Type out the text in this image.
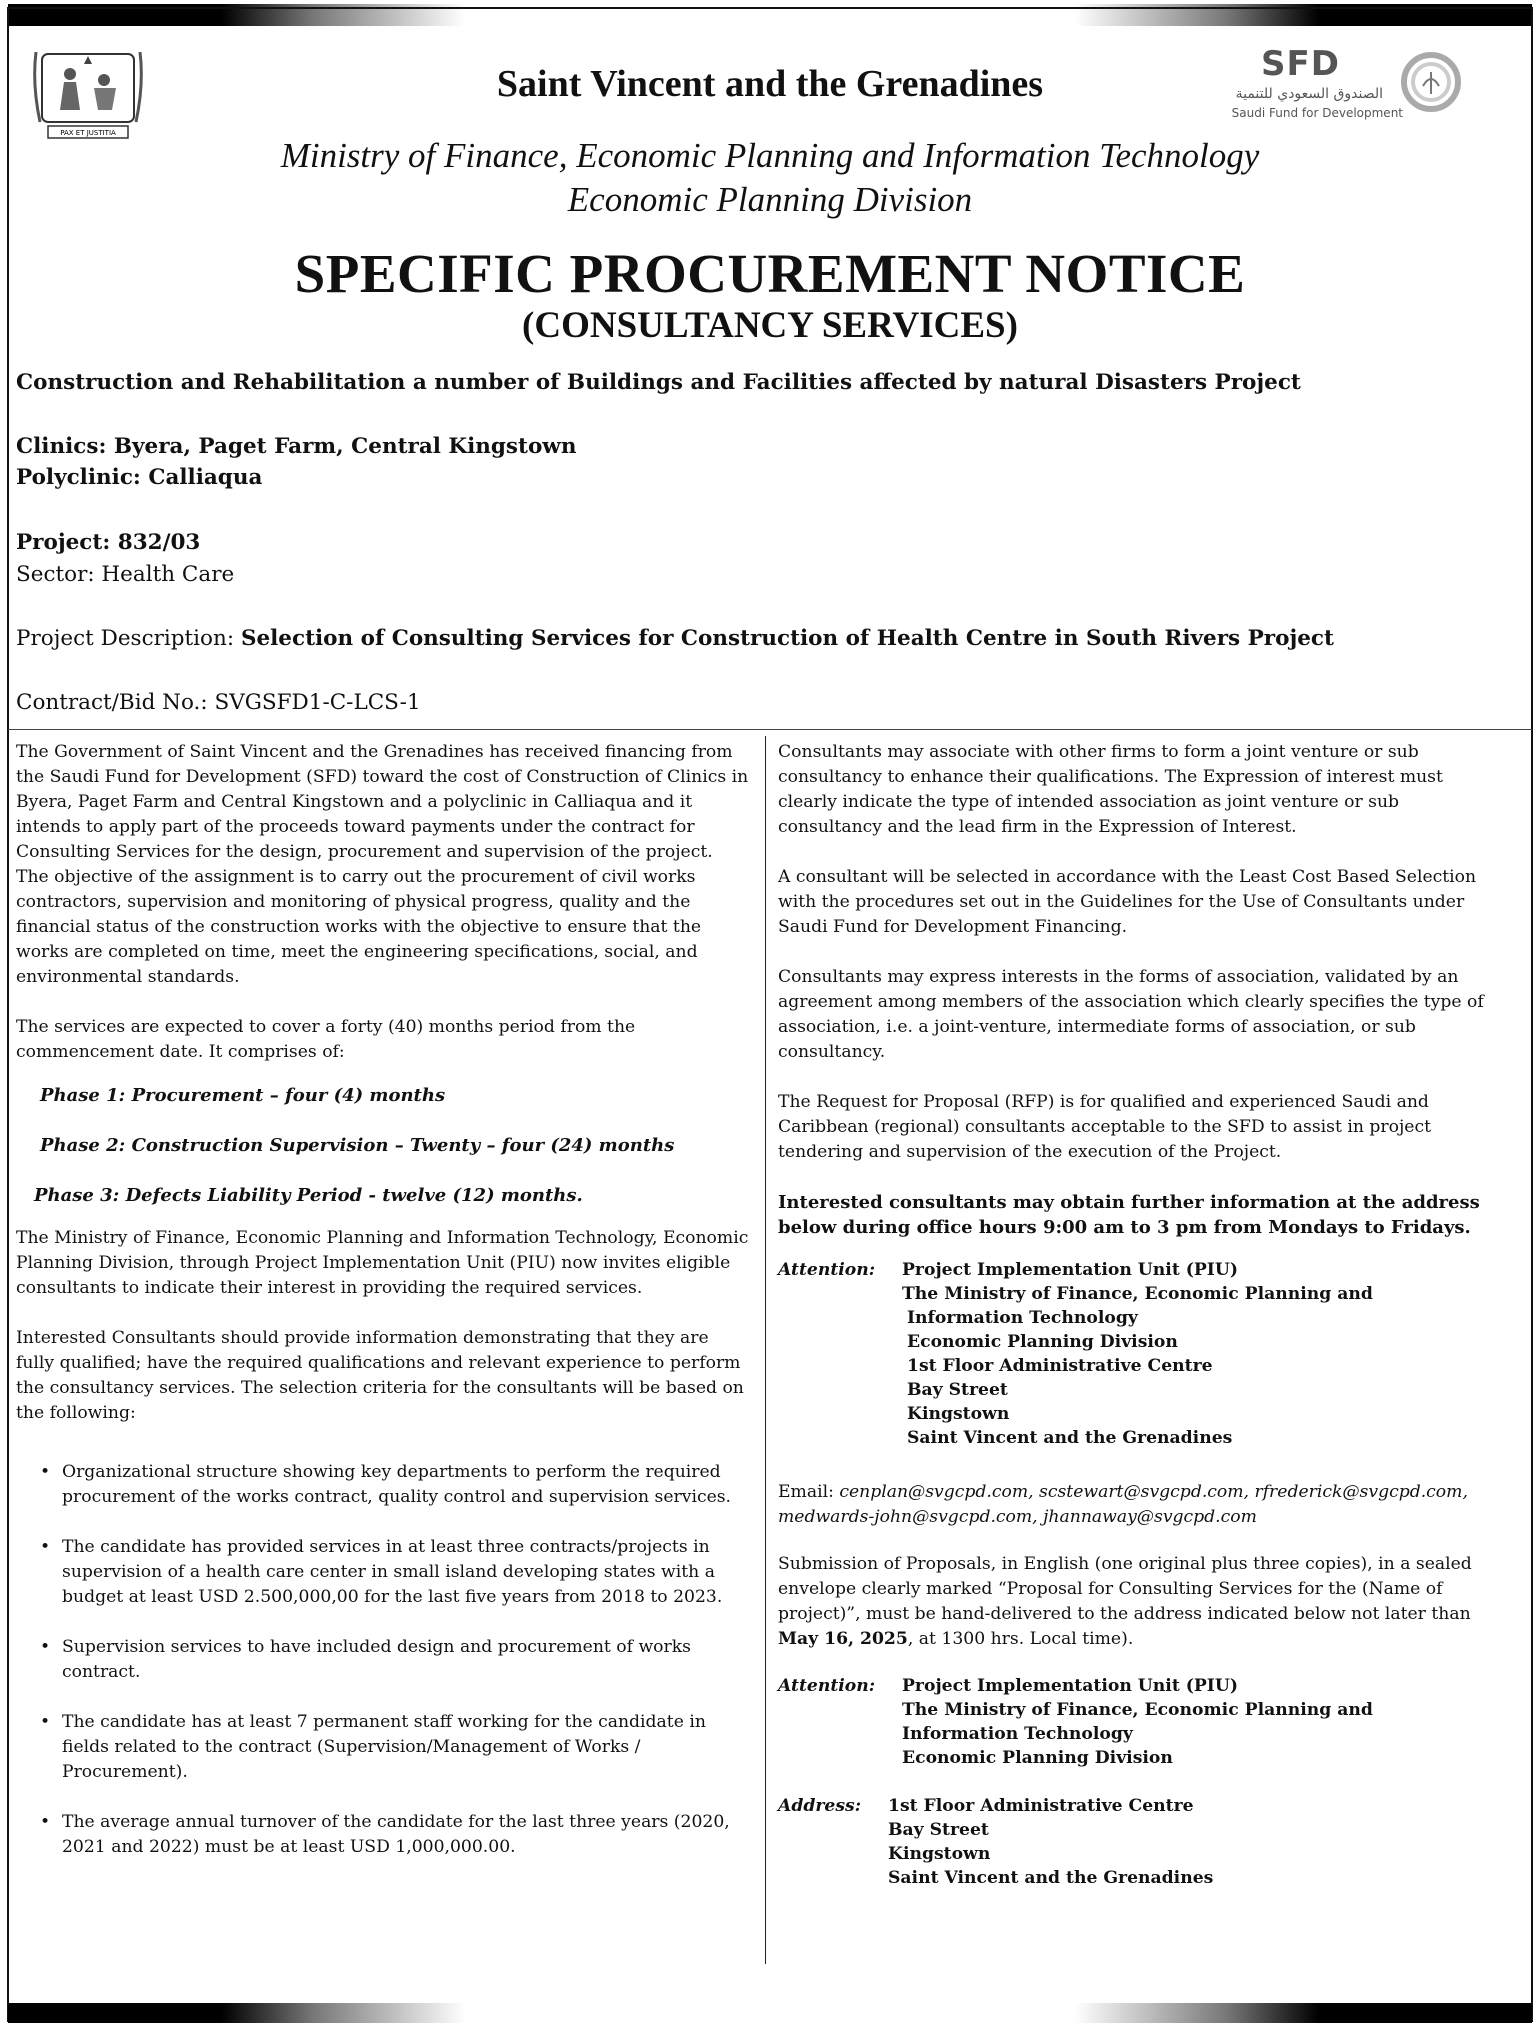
PAX ET JUSTITIA
SFD
الصندوق السعودي للتنمية
Saudi Fund for Development
Saint Vincent and the Grenadines
Ministry of Finance, Economic Planning and Information Technology
Economic Planning Division
SPECIFIC PROCUREMENT NOTICE
(CONSULTANCY SERVICES)
Construction and Rehabilitation a number of Buildings and Facilities affected by natural Disasters Project
Clinics: Byera, Paget Farm, Central Kingstown
Polyclinic: Calliaqua
Project: 832/03
Sector: Health Care
Project Description: Selection of Consulting Services for Construction of Health Centre in South Rivers Project
Contract/Bid No.: SVGSFD1-C-LCS-1

The Government of Saint Vincent and the Grenadines has received financing from the Saudi Fund for Development (SFD) toward the cost of Construction of Clinics in Byera, Paget Farm and Central Kingstown and a polyclinic in Calliaqua and it intends to apply part of the proceeds toward payments under the contract for Consulting Services for the design, procurement and supervision of the project. The objective of the assignment is to carry out the procurement of civil works contractors, supervision and monitoring of physical progress, quality and the financial status of the construction works with the objective to ensure that the works are completed on time, meet the engineering specifications, social, and environmental standards.

The services are expected to cover a forty (40) months period from the commencement date. It comprises of:

Phase 1: Procurement – four (4) months

Phase 2: Construction Supervision – Twenty – four (24) months

Phase 3: Defects Liability Period - twelve (12) months.

The Ministry of Finance, Economic Planning and Information Technology, Economic Planning Division, through Project Implementation Unit (PIU) now invites eligible consultants to indicate their interest in providing the required services.

Interested Consultants should provide information demonstrating that they are fully qualified; have the required qualifications and relevant experience to perform the consultancy services. The selection criteria for the consultants will be based on the following:

• Organizational structure showing key departments to perform the required procurement of the works contract, quality control and supervision services.
• The candidate has provided services in at least three contracts/projects in supervision of a health care center in small island developing states with a budget at least USD 2.500,000,00 for the last five years from 2018 to 2023.
• Supervision services to have included design and procurement of works contract.
• The candidate has at least 7 permanent staff working for the candidate in fields related to the contract (Supervision/Management of Works / Procurement).
• The average annual turnover of the candidate for the last three years (2020, 2021 and 2022) must be at least USD 1,000,000.00.

Consultants may associate with other firms to form a joint venture or sub consultancy to enhance their qualifications. The Expression of interest must clearly indicate the type of intended association as joint venture or sub consultancy and the lead firm in the Expression of Interest.

A consultant will be selected in accordance with the Least Cost Based Selection with the procedures set out in the Guidelines for the Use of Consultants under Saudi Fund for Development Financing.

Consultants may express interests in the forms of association, validated by an agreement among members of the association which clearly specifies the type of association, i.e. a joint-venture, intermediate forms of association, or sub consultancy.

The Request for Proposal (RFP) is for qualified and experienced Saudi and Caribbean (regional) consultants acceptable to the SFD to assist in project tendering and supervision of the execution of the Project.

Interested consultants may obtain further information at the address below during office hours 9:00 am to 3 pm from Mondays to Fridays.

Attention:	Project Implementation Unit (PIU)
The Ministry of Finance, Economic Planning and
Information Technology
Economic Planning Division
1st Floor Administrative Centre
Bay Street
Kingstown
Saint Vincent and the Grenadines

Email: cenplan@svgcpd.com, scstewart@svgcpd.com, rfrederick@svgcpd.com, medwards-john@svgcpd.com, jhannaway@svgcpd.com

Submission of Proposals, in English (one original plus three copies), in a sealed envelope clearly marked “Proposal for Consulting Services for the (Name of project)”, must be hand-delivered to the address indicated below not later than May 16, 2025, at 1300 hrs. Local time).

Attention:	Project Implementation Unit (PIU)
The Ministry of Finance, Economic Planning and
Information Technology
Economic Planning Division
Address:	1st Floor Administrative Centre
Bay Street
Kingstown
Saint Vincent and the Grenadines
